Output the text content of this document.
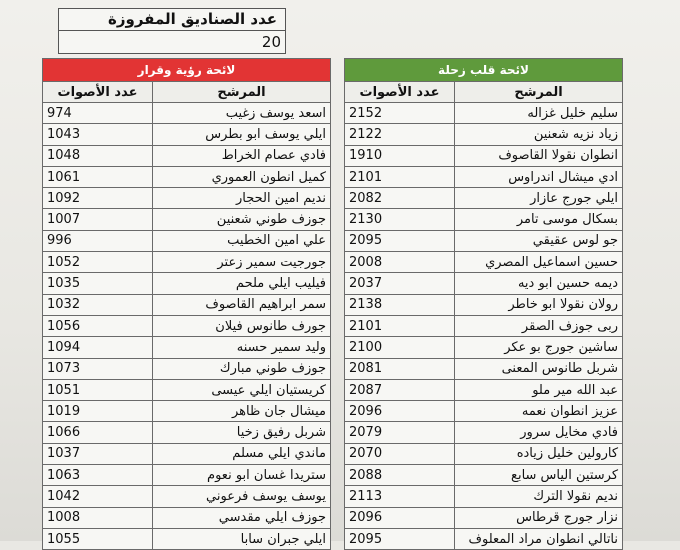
عدد الصناديق المفروزة
20
لائحة رؤية وقرار	
عدد الأصوات	المرشح
974	اسعد يوسف زغيب
1043	ايلي يوسف ابو بطرس
1048	فادي عصام الخراط
1061	كميل انطون العموري
1092	نديم امين الحجار
1007	جوزف طوني شعنين
996	علي امين الخطيب
1052	جورجيت سمير زعتر
1035	فيليب ايلي ملحم
1032	سمر ابراهيم القاصوف
1056	جورف طانوس فيلان
1094	وليد سمير حسنه
1073	جوزف طوني مبارك
1051	كريستيان ايلي عيسى
1019	ميشال جان ظاهر
1066	شربل رفيق زخيا
1037	ماندي ايلي مسلم
1063	ستريدا غسان ابو نعوم
1042	يوسف يوسف فرعوني
1008	جوزف ايلي مقدسي
1055	ايلي جبران سابا
لائحة قلب زحلة	
عدد الأصوات	المرشح
2152	سليم خليل غزاله
2122	زياد نزيه شعنين
1910	انطوان نقولا القاصوف
2101	ادي ميشال اندراوس
2082	ايلي جورج عازار
2130	بسكال موسى تامر
2095	جو لوس عقيقي
2008	حسين اسماعيل المصري
2037	ديمه حسين ابو ديه
2138	رولان نقولا ابو خاطر
2101	ربى جوزف الصقر
2100	ساشين جورج بو عكر
2081	شربل طانوس المعنى
2087	عبد الله مير ملو
2096	عزيز انطوان نعمه
2079	فادي مخايل سرور
2070	كارولين خليل زياده
2088	كرستين الياس سابع
2113	نديم نقولا الترك
2096	نزار جورج قرطاس
2095	ناتالي انطوان مراد المعلوف
